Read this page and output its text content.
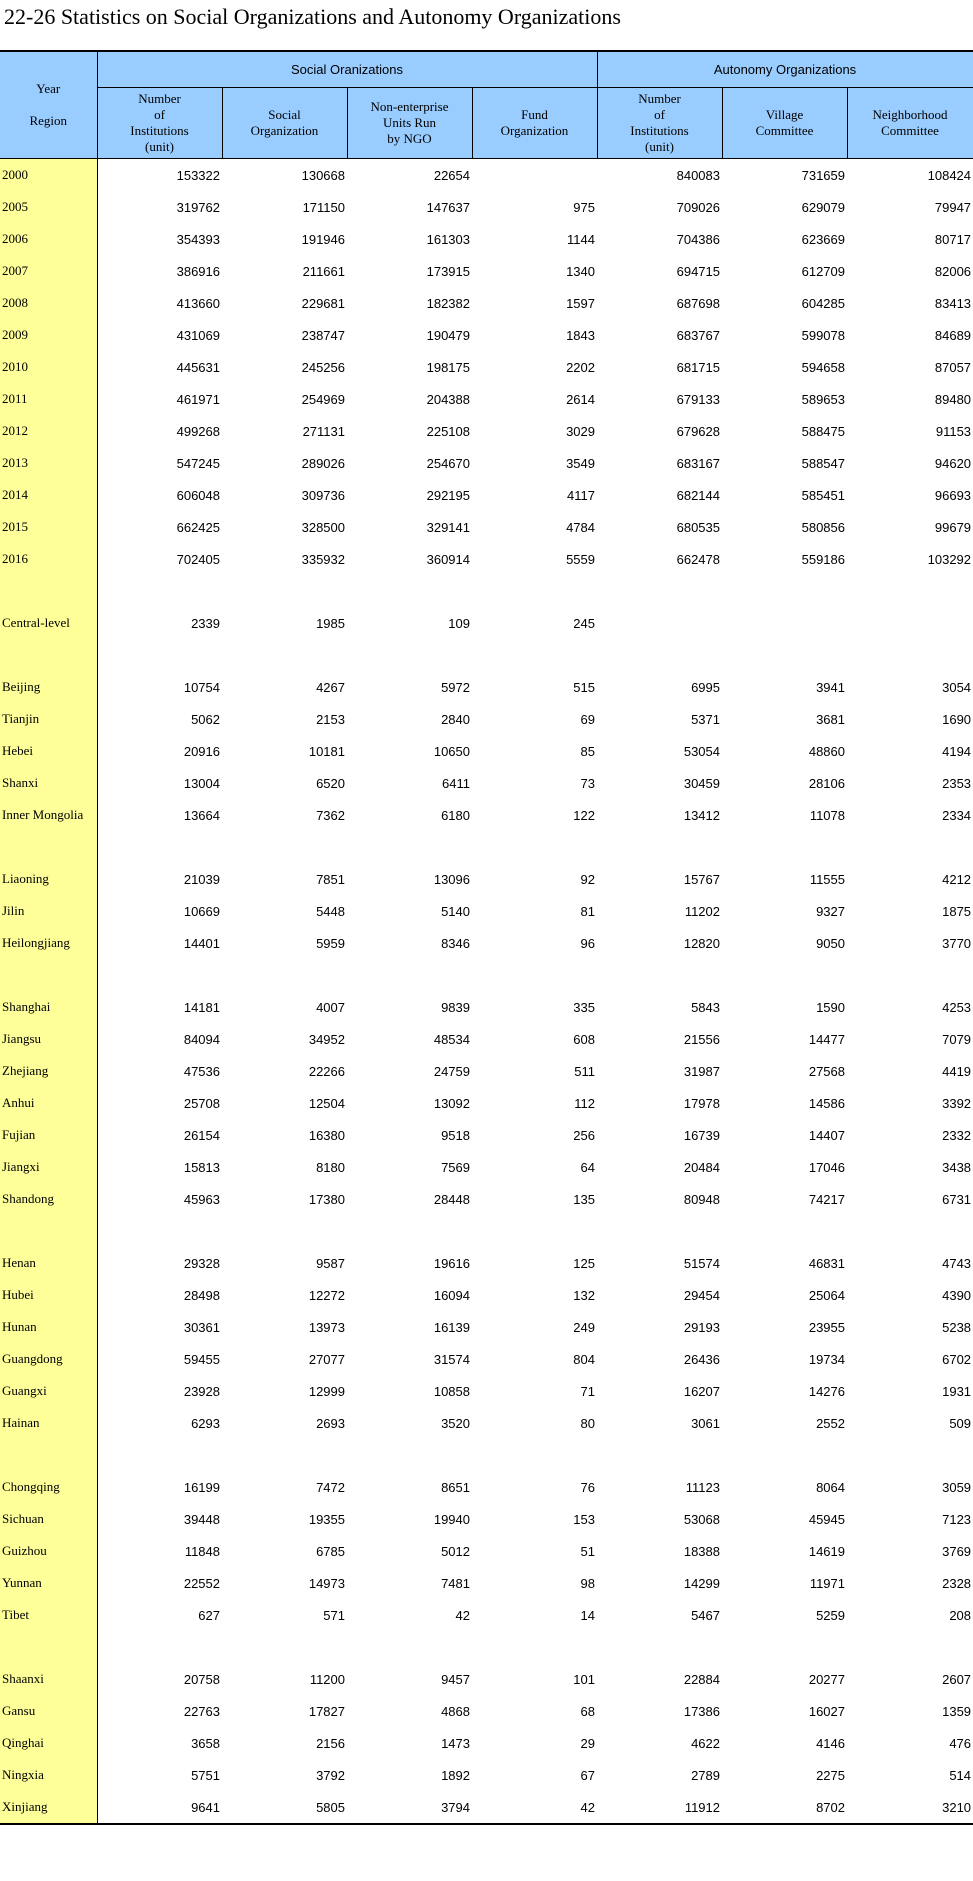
22-26 Statistics on Social Organizations and Autonomy Organizations
Year

Region	Social Oranizations				Autonomy Organizations		
	Number
of
Institutions
(unit)	Social
Organization	Non-enterprise
Units Run
by NGO	Fund
Organization	Number
of
Institutions
(unit)	Village
Committee	Neighborhood
Committee
2000	153322	130668	22654		840083	731659	108424
2005	319762	171150	147637	975	709026	629079	79947
2006	354393	191946	161303	1144	704386	623669	80717
2007	386916	211661	173915	1340	694715	612709	82006
2008	413660	229681	182382	1597	687698	604285	83413
2009	431069	238747	190479	1843	683767	599078	84689
2010	445631	245256	198175	2202	681715	594658	87057
2011	461971	254969	204388	2614	679133	589653	89480
2012	499268	271131	225108	3029	679628	588475	91153
2013	547245	289026	254670	3549	683167	588547	94620
2014	606048	309736	292195	4117	682144	585451	96693
2015	662425	328500	329141	4784	680535	580856	99679
2016	702405	335932	360914	5559	662478	559186	103292

Central-level	2339	1985	109	245			

Beijing	10754	4267	5972	515	6995	3941	3054
Tianjin	5062	2153	2840	69	5371	3681	1690
Hebei	20916	10181	10650	85	53054	48860	4194
Shanxi	13004	6520	6411	73	30459	28106	2353
Inner Mongolia	13664	7362	6180	122	13412	11078	2334

Liaoning	21039	7851	13096	92	15767	11555	4212
Jilin	10669	5448	5140	81	11202	9327	1875
Heilongjiang	14401	5959	8346	96	12820	9050	3770

Shanghai	14181	4007	9839	335	5843	1590	4253
Jiangsu	84094	34952	48534	608	21556	14477	7079
Zhejiang	47536	22266	24759	511	31987	27568	4419
Anhui	25708	12504	13092	112	17978	14586	3392
Fujian	26154	16380	9518	256	16739	14407	2332
Jiangxi	15813	8180	7569	64	20484	17046	3438
Shandong	45963	17380	28448	135	80948	74217	6731

Henan	29328	9587	19616	125	51574	46831	4743
Hubei	28498	12272	16094	132	29454	25064	4390
Hunan	30361	13973	16139	249	29193	23955	5238
Guangdong	59455	27077	31574	804	26436	19734	6702
Guangxi	23928	12999	10858	71	16207	14276	1931
Hainan	6293	2693	3520	80	3061	2552	509

Chongqing	16199	7472	8651	76	11123	8064	3059
Sichuan	39448	19355	19940	153	53068	45945	7123
Guizhou	11848	6785	5012	51	18388	14619	3769
Yunnan	22552	14973	7481	98	14299	11971	2328
Tibet	627	571	42	14	5467	5259	208

Shaanxi	20758	11200	9457	101	22884	20277	2607
Gansu	22763	17827	4868	68	17386	16027	1359
Qinghai	3658	2156	1473	29	4622	4146	476
Ningxia	5751	3792	1892	67	2789	2275	514
Xinjiang	9641	5805	3794	42	11912	8702	3210
